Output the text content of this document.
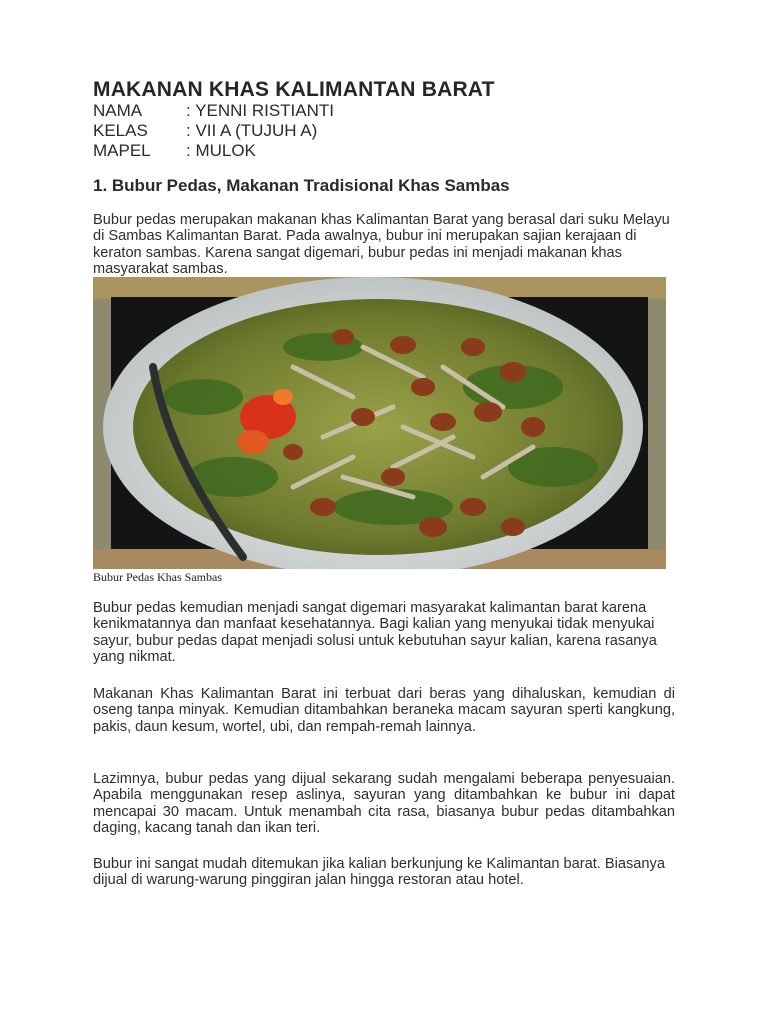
MAKANAN KHAS KALIMANTAN BARAT
NAMA	: YENNI RISTIANTI
KELAS	: VII A (TUJUH A)
MAPEL	: MULOK
1. Bubur Pedas, Makanan Tradisional Khas Sambas

Bubur pedas merupakan makanan khas Kalimantan Barat yang berasal dari suku Melayu di Sambas Kalimantan Barat. Pada awalnya, bubur ini merupakan sajian kerajaan di keraton sambas. Karena sangat digemari, bubur pedas ini menjadi makanan khas masyarakat sambas.

Bubur Pedas Khas Sambas

Bubur pedas kemudian menjadi sangat digemari masyarakat kalimantan barat karena kenikmatannya dan manfaat kesehatannya. Bagi kalian yang menyukai tidak menyukai sayur, bubur pedas dapat menjadi solusi untuk kebutuhan sayur kalian, karena rasanya yang nikmat.

Makanan Khas Kalimantan Barat ini terbuat dari beras yang dihaluskan, kemudian di oseng tanpa minyak. Kemudian ditambahkan beraneka macam sayuran sperti kangkung, pakis, daun kesum, wortel, ubi, dan rempah-remah lainnya.

Lazimnya, bubur pedas yang dijual sekarang sudah mengalami beberapa penyesuaian. Apabila menggunakan resep aslinya, sayuran yang ditambahkan ke bubur ini dapat mencapai 30 macam. Untuk menambah cita rasa, biasanya bubur pedas ditambahkan daging, kacang tanah dan ikan teri.

Bubur ini sangat mudah ditemukan jika kalian berkunjung ke Kalimantan barat. Biasanya dijual di warung-warung pinggiran jalan hingga restoran atau hotel.
